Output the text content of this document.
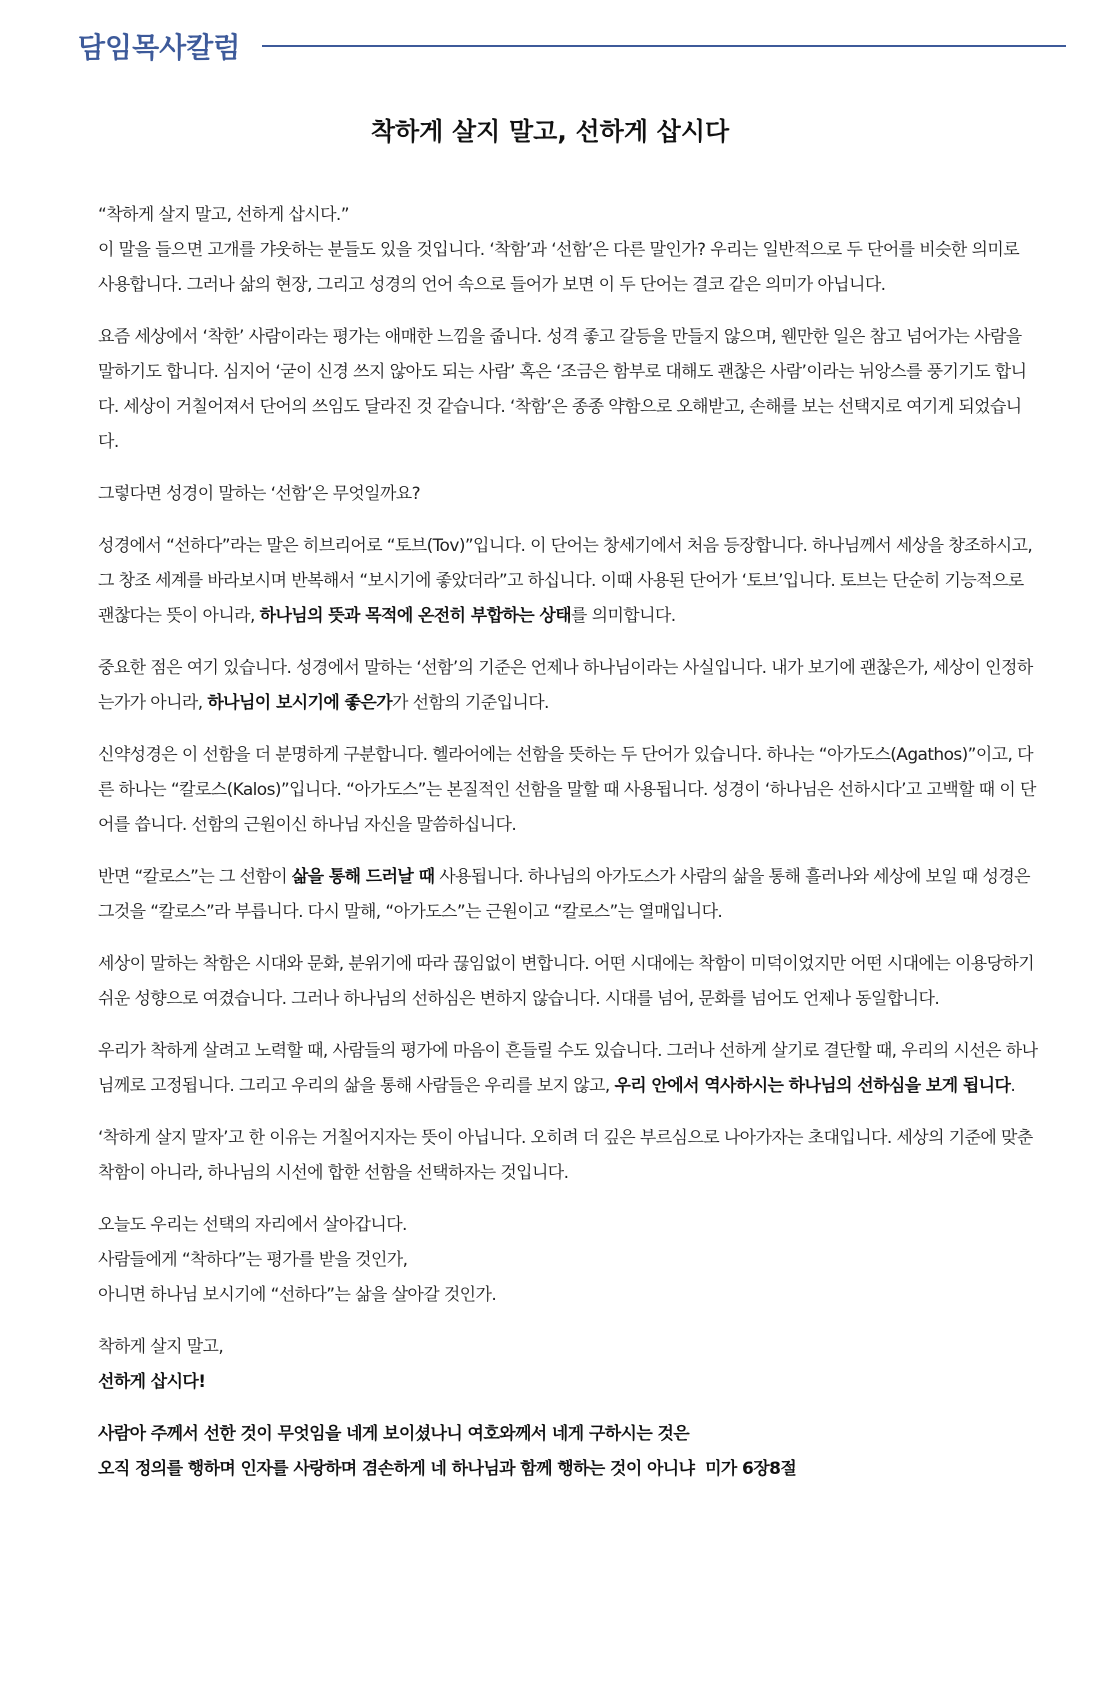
담임목사칼럼
착하게 살지 말고, 선하게 삽시다

“착하게 살지 말고, 선하게 삽시다.”
이 말을 들으면 고개를 갸웃하는 분들도 있을 것입니다. ‘착함’과 ‘선함’은 다른 말인가? 우리는 일반적으로 두 단어를 비슷한 의미로 사용합니다. 그러나 삶의 현장, 그리고 성경의 언어 속으로 들어가 보면 이 두 단어는 결코 같은 의미가 아닙니다.

요즘 세상에서 ‘착한’ 사람이라는 평가는 애매한 느낌을 줍니다. 성격 좋고 갈등을 만들지 않으며, 웬만한 일은 참고 넘어가는 사람을 말하기도 합니다. 심지어 ‘굳이 신경 쓰지 않아도 되는 사람’ 혹은 ‘조금은 함부로 대해도 괜찮은 사람’이라는 뉘앙스를 풍기기도 합니다. 세상이 거칠어져서 단어의 쓰임도 달라진 것 같습니다. ‘착함’은 종종 약함으로 오해받고, 손해를 보는 선택지로 여기게 되었습니다.

그렇다면 성경이 말하는 ‘선함’은 무엇일까요?

성경에서 “선하다”라는 말은 히브리어로 “토브(Tov)”입니다. 이 단어는 창세기에서 처음 등장합니다. 하나님께서 세상을 창조하시고, 그 창조 세계를 바라보시며 반복해서 “보시기에 좋았더라”고 하십니다. 이때 사용된 단어가 ‘토브’입니다. 토브는 단순히 기능적으로 괜찮다는 뜻이 아니라, 하나님의 뜻과 목적에 온전히 부합하는 상태를 의미합니다.

중요한 점은 여기 있습니다. 성경에서 말하는 ‘선함’의 기준은 언제나 하나님이라는 사실입니다. 내가 보기에 괜찮은가, 세상이 인정하는가가 아니라, 하나님이 보시기에 좋은가가 선함의 기준입니다.

신약성경은 이 선함을 더 분명하게 구분합니다. 헬라어에는 선함을 뜻하는 두 단어가 있습니다. 하나는 “아가도스(Agathos)”이고, 다른 하나는 “칼로스(Kalos)”입니다. “아가도스”는 본질적인 선함을 말할 때 사용됩니다. 성경이 ‘하나님은 선하시다’고 고백할 때 이 단어를 씁니다. 선함의 근원이신 하나님 자신을 말씀하십니다.

반면 “칼로스”는 그 선함이 삶을 통해 드러날 때 사용됩니다. 하나님의 아가도스가 사람의 삶을 통해 흘러나와 세상에 보일 때 성경은 그것을 “칼로스”라 부릅니다. 다시 말해, “아가도스”는 근원이고 “칼로스”는 열매입니다.

세상이 말하는 착함은 시대와 문화, 분위기에 따라 끊임없이 변합니다. 어떤 시대에는 착함이 미덕이었지만 어떤 시대에는 이용당하기 쉬운 성향으로 여겼습니다. 그러나 하나님의 선하심은 변하지 않습니다. 시대를 넘어, 문화를 넘어도 언제나 동일합니다.

우리가 착하게 살려고 노력할 때, 사람들의 평가에 마음이 흔들릴 수도 있습니다. 그러나 선하게 살기로 결단할 때, 우리의 시선은 하나님께로 고정됩니다. 그리고 우리의 삶을 통해 사람들은 우리를 보지 않고, 우리 안에서 역사하시는 하나님의 선하심을 보게 됩니다.

‘착하게 살지 말자’고 한 이유는 거칠어지자는 뜻이 아닙니다. 오히려 더 깊은 부르심으로 나아가자는 초대입니다. 세상의 기준에 맞춘 착함이 아니라, 하나님의 시선에 합한 선함을 선택하자는 것입니다.

오늘도 우리는 선택의 자리에서 살아갑니다.
사람들에게 “착하다”는 평가를 받을 것인가,
아니면 하나님 보시기에 “선하다”는 삶을 살아갈 것인가.

착하게 살지 말고,
선하게 삽시다!

사람아 주께서 선한 것이 무엇임을 네게 보이셨나니 여호와께서 네게 구하시는 것은
오직 정의를 행하며 인자를 사랑하며 겸손하게 네 하나님과 함께 행하는 것이 아니냐 미가 6장8절
